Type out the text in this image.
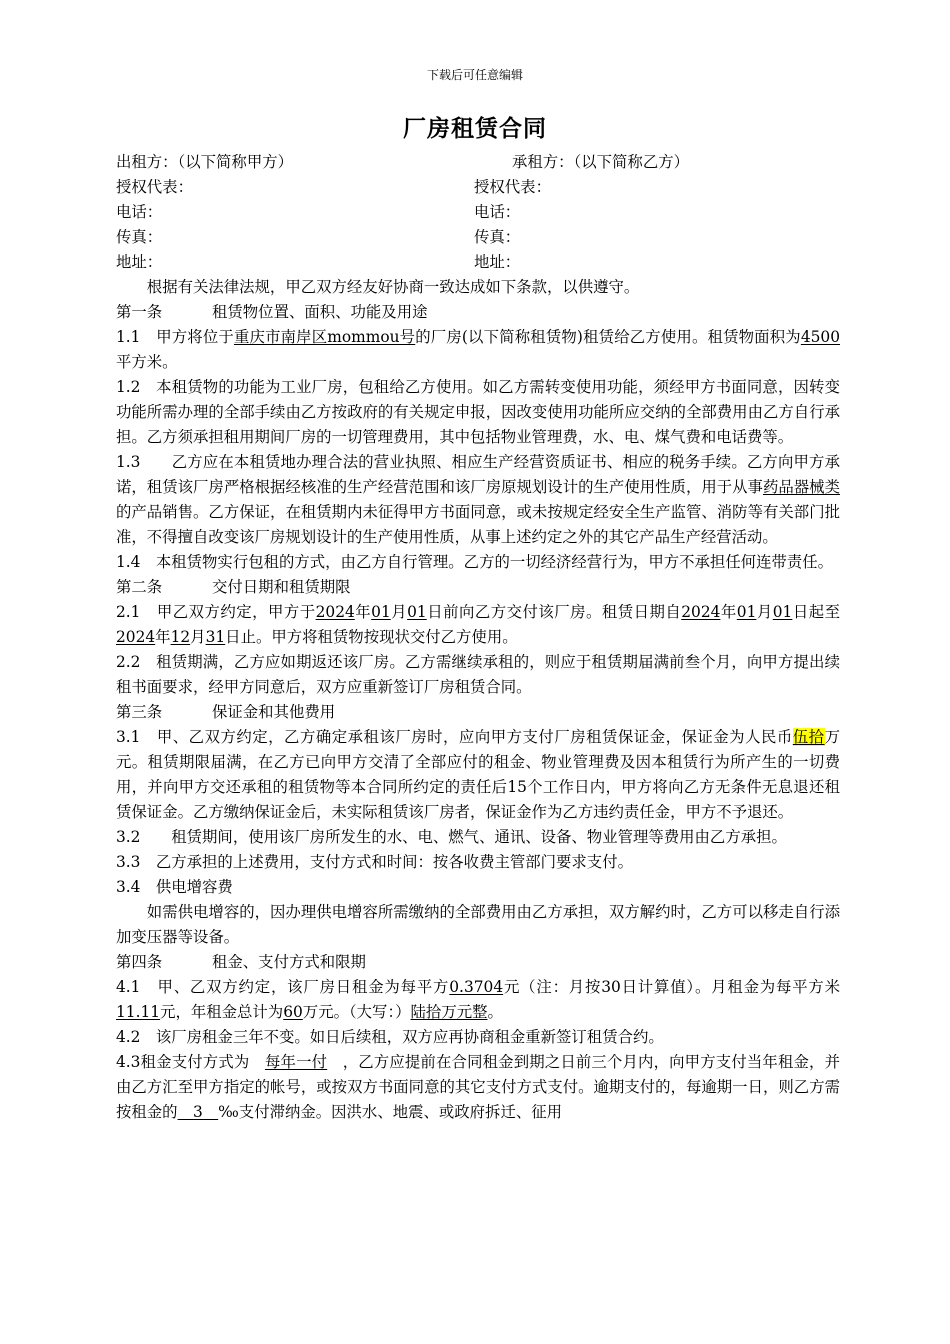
下载后可任意编辑
厂房租赁合同
出租方：（以下简称甲方）	承租方：（以下简称乙方）
授权代表：	授权代表：
电话：	电话：
传真：	传真：
地址：	地址：

根据有关法律法规，甲乙双方经友好协商一致达成如下条款，以供遵守。

第一条	租赁物位置、面积、功能及用途

1.1　甲方将位于重庆市南岸区mommou号的厂房(以下简称租赁物)租赁给乙方使用。租赁物面积为4500平方米。

1.2　本租赁物的功能为工业厂房，包租给乙方使用。如乙方需转变使用功能，须经甲方书面同意，因转变功能所需办理的全部手续由乙方按政府的有关规定申报，因改变使用功能所应交纳的全部费用由乙方自行承担。乙方须承担租用期间厂房的一切管理费用，其中包括物业管理费，水、电、煤气费和电话费等。

1.3　　乙方应在本租赁地办理合法的营业执照、相应生产经营资质证书、相应的税务手续。乙方向甲方承诺，租赁该厂房严格根据经核准的生产经营范围和该厂房原规划设计的生产使用性质，用于从事药品器械类的产品销售。乙方保证，在租赁期内未征得甲方书面同意，或未按规定经安全生产监管、消防等有关部门批准，不得擅自改变该厂房规划设计的生产使用性质，从事上述约定之外的其它产品生产经营活动。

1.4　本租赁物实行包租的方式，由乙方自行管理。乙方的一切经济经营行为，甲方不承担任何连带责任。

第二条	交付日期和租赁期限

2.1　甲乙双方约定，甲方于2024年01月01日前向乙方交付该厂房。租赁日期自2024年01月01日起至2024年12月31日止。甲方将租赁物按现状交付乙方使用。

2.2　租赁期满，乙方应如期返还该厂房。乙方需继续承租的，则应于租赁期届满前叁个月，向甲方提出续租书面要求，经甲方同意后，双方应重新签订厂房租赁合同。

第三条	保证金和其他费用

3.1　甲、乙双方约定，乙方确定承租该厂房时，应向甲方支付厂房租赁保证金，保证金为人民币伍拾万元。租赁期限届满，在乙方已向甲方交清了全部应付的租金、物业管理费及因本租赁行为所产生的一切费用，并向甲方交还承租的租赁物等本合同所约定的责任后15个工作日内，甲方将向乙方无条件无息退还租赁保证金。乙方缴纳保证金后，未实际租赁该厂房者，保证金作为乙方违约责任金，甲方不予退还。

3.2　　租赁期间，使用该厂房所发生的水、电、燃气、通讯、设备、物业管理等费用由乙方承担。

3.3　乙方承担的上述费用，支付方式和时间：按各收费主管部门要求支付。

3.4　供电增容费

如需供电增容的，因办理供电增容所需缴纳的全部费用由乙方承担，双方解约时，乙方可以移走自行添加变压器等设备。

第四条	租金、支付方式和限期

4.1　甲、乙双方约定，该厂房日租金为每平方0.3704元（注：月按30日计算值）。月租金为每平方米11.11元，年租金总计为60万元。（大写：）陆拾万元整。

4.2　该厂房租金三年不变。如日后续租，双方应再协商租金重新签订租赁合约。

4.3租金支付方式为　每年一付　，乙方应提前在合同租金到期之日前三个月内，向甲方支付当年租金，并由乙方汇至甲方指定的帐号，或按双方书面同意的其它支付方式支付。逾期支付的，每逾期一日，则乙方需按租金的　3　‰支付滞纳金。因洪水、地震、或政府拆迁、征用
